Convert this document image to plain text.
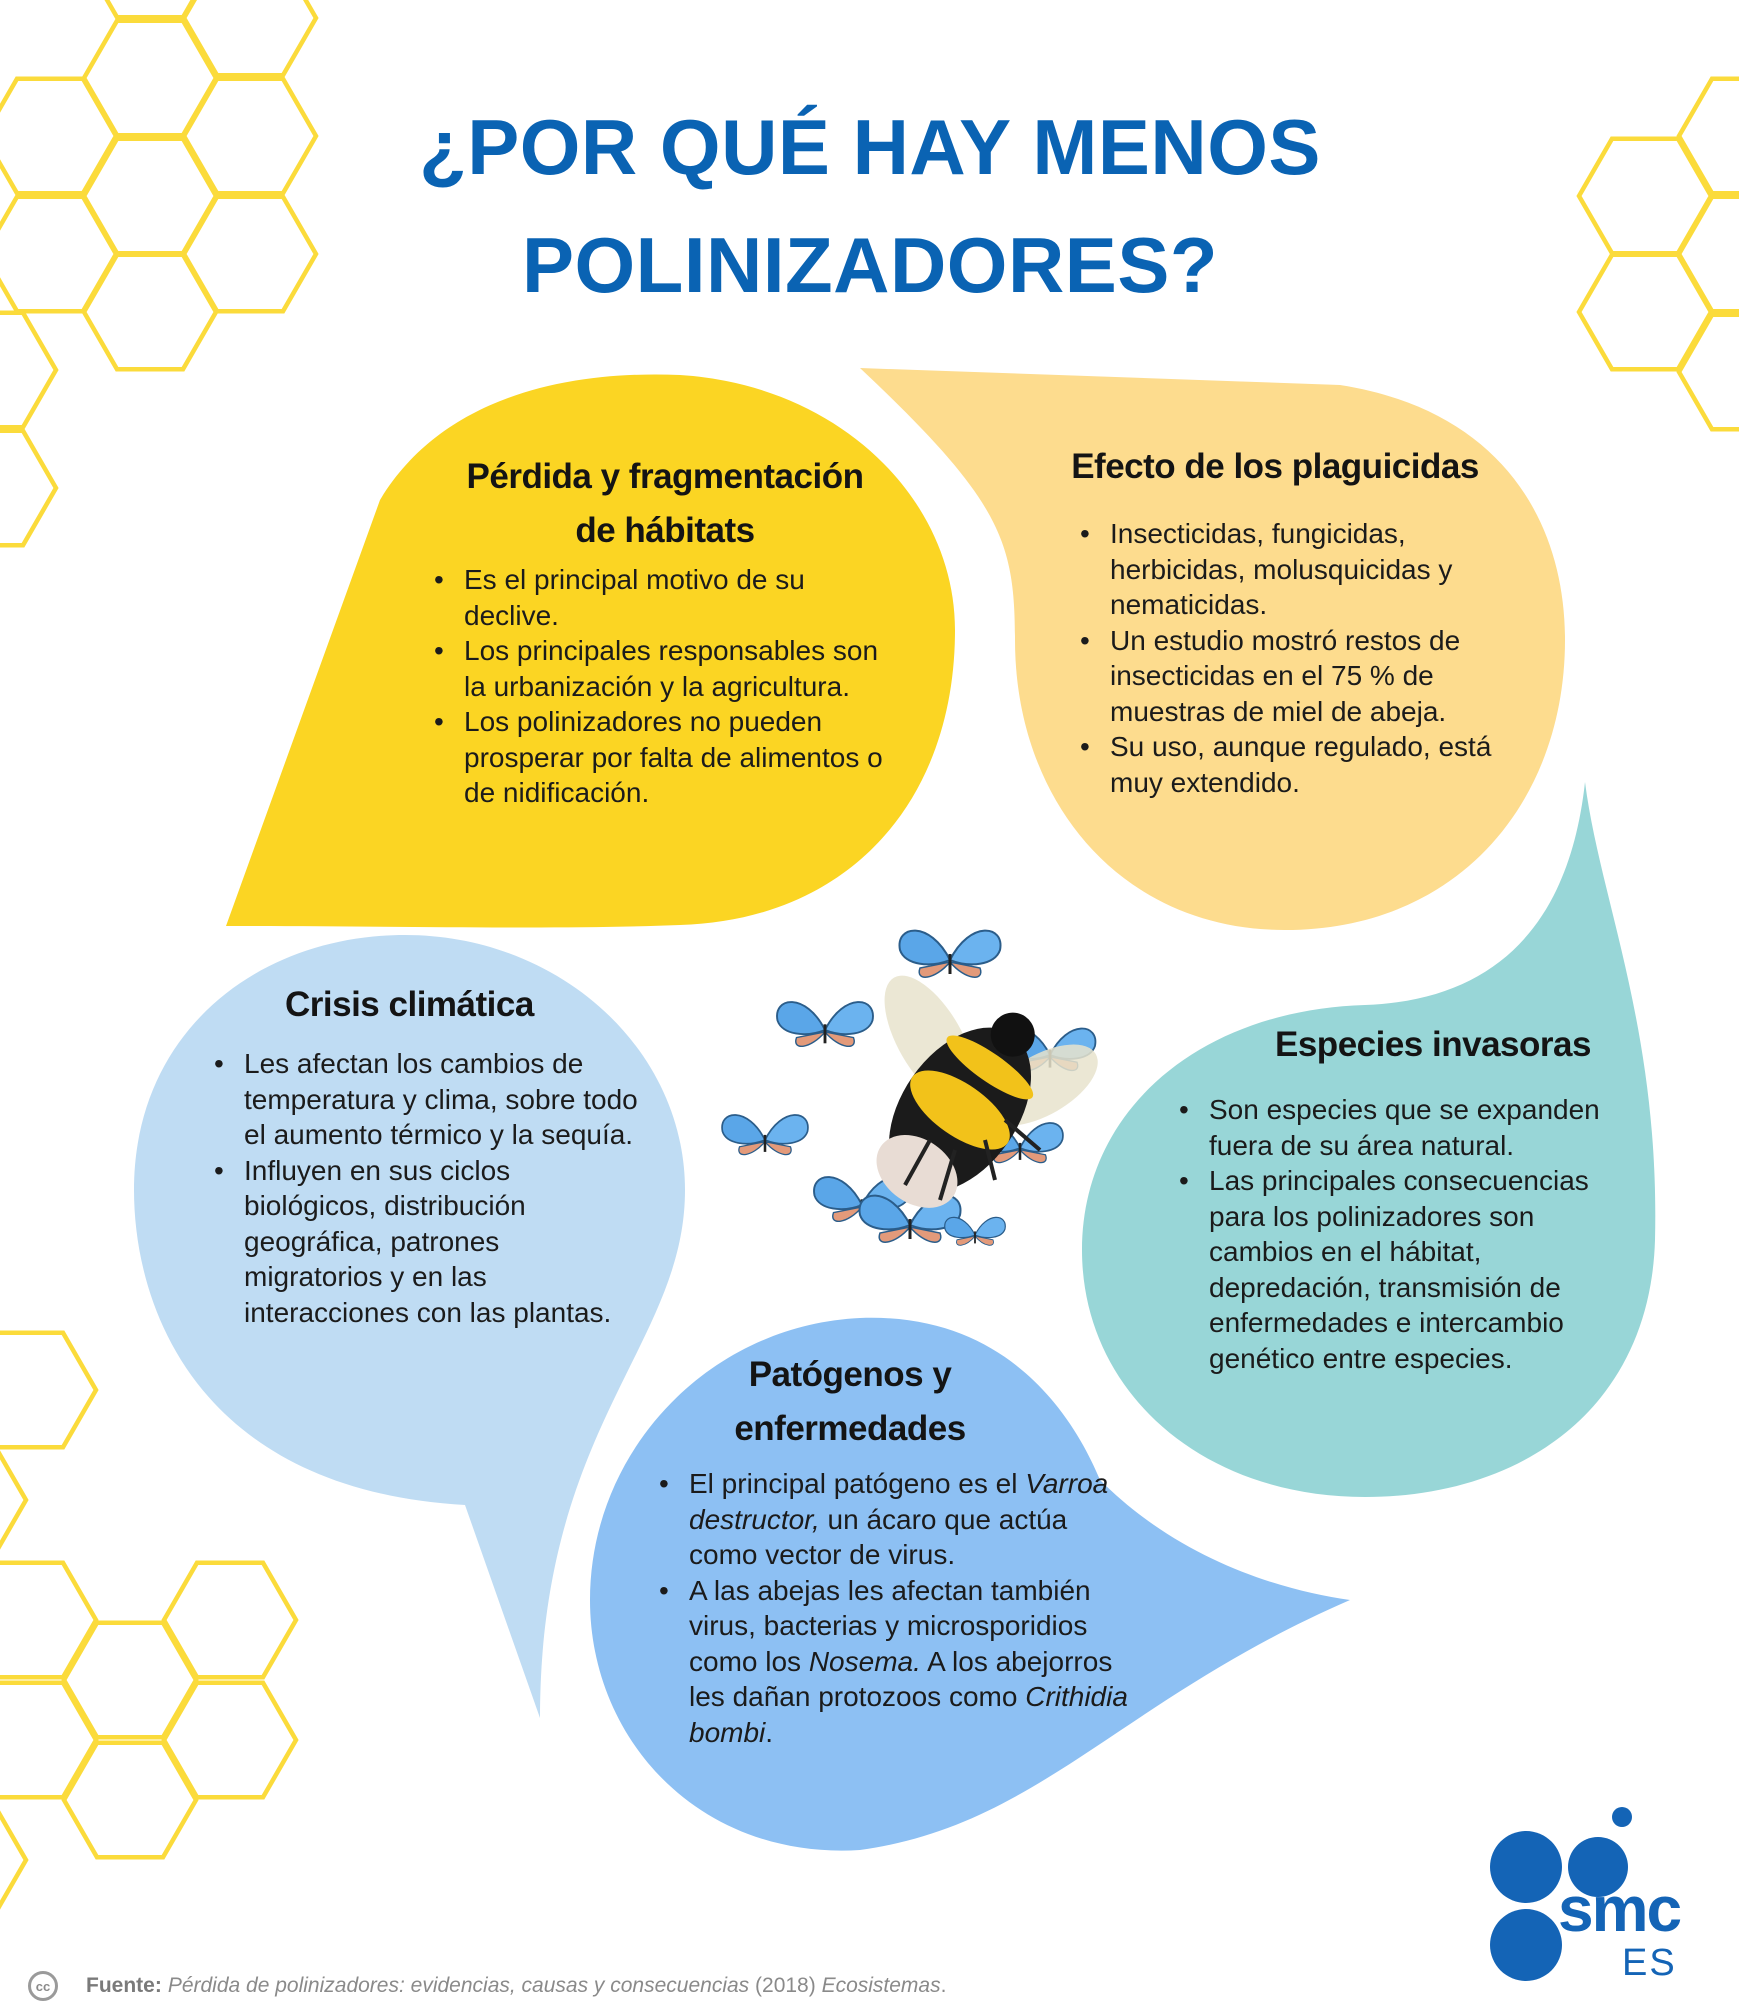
¿POR QUÉ HAY MENOS
POLINIZADORES?
Pérdida y fragmentación
de hábitats
• Es el principal motivo de su declive.
• Los principales responsables son la urbanización y la agricultura.
• Los polinizadores no pueden prosperar por falta de alimentos o de nidificación.
Efecto de los plaguicidas
• Insecticidas, fungicidas, herbicidas, molusquicidas y nematicidas.
• Un estudio mostró restos de insecticidas en el 75 % de muestras de miel de abeja.
• Su uso, aunque regulado, está muy extendido.
Crisis climática
• Les afectan los cambios de temperatura y clima, sobre todo el aumento térmico y la sequía.
• Influyen en sus ciclos biológicos, distribución geográfica, patrones migratorios y en las interacciones con las plantas.
Especies invasoras
• Son especies que se expanden fuera de su área natural.
• Las principales consecuencias para los polinizadores son cambios en el hábitat, depredación, transmisión de enfermedades e intercambio genético entre especies.
Patógenos y
enfermedades
• El principal patógeno es el Varroa destructor, un ácaro que actúa como vector de virus.
• A las abejas les afectan también virus, bacterias y microsporidios como los Nosema. A los abejorros les dañan protozoos como Crithidia bombi.
smc
ES
cc	Fuente: Pérdida de polinizadores: evidencias, causas y consecuencias (2018) Ecosistemas .
